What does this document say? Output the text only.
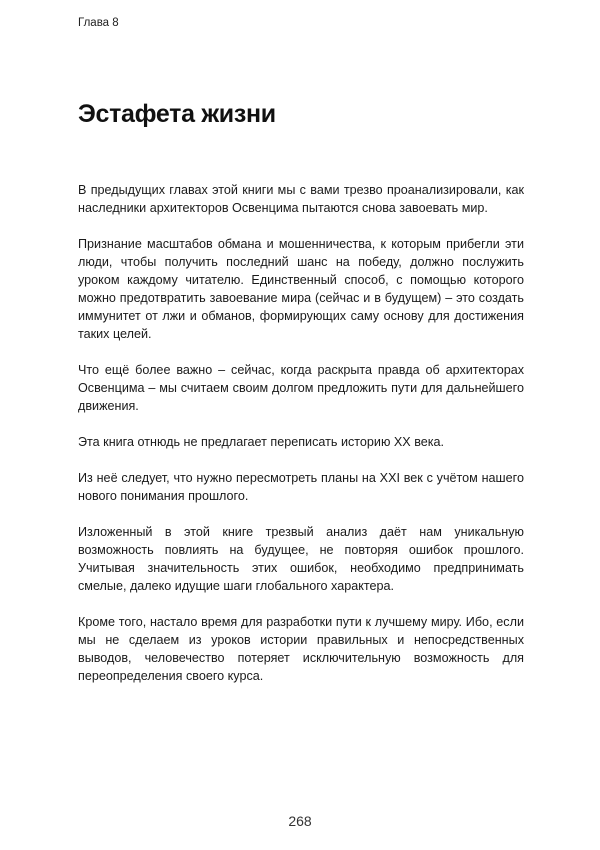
Глава 8
Эстафета жизни

В предыдущих главах этой книги мы с вами трезво проанализировали, как наследники архитекторов Освенцима пытаются снова завоевать мир.

Признание масштабов обмана и мошенничества, к которым прибегли эти люди, чтобы получить последний шанс на победу, должно послужить уроком каждому читателю. Единственный способ, с помощью которого можно предотвратить завоевание мира (сейчас и в будущем) – это создать иммунитет от лжи и обманов, формирующих саму основу для достижения таких целей.

Что ещё более важно – сейчас, когда раскрыта правда об архитекторах Освенцима – мы считаем своим долгом предложить пути для дальнейшего движения.

Эта книга отнюдь не предлагает переписать историю XX века.

Из неё следует, что нужно пересмотреть планы на XXI век с учётом нашего нового понимания прошлого.

Изложенный в этой книге трезвый анализ даёт нам уникальную возможность повлиять на будущее, не повторяя ошибок прошлого. Учитывая значительность этих ошибок, необходимо предпринимать смелые, далеко идущие шаги глобального характера.

Кроме того, настало время для разработки пути к лучшему миру. Ибо, если мы не сделаем из уроков истории правильных и непосредственных выводов, человечество потеряет исключительную возможность для переопределения своего курса.

268
